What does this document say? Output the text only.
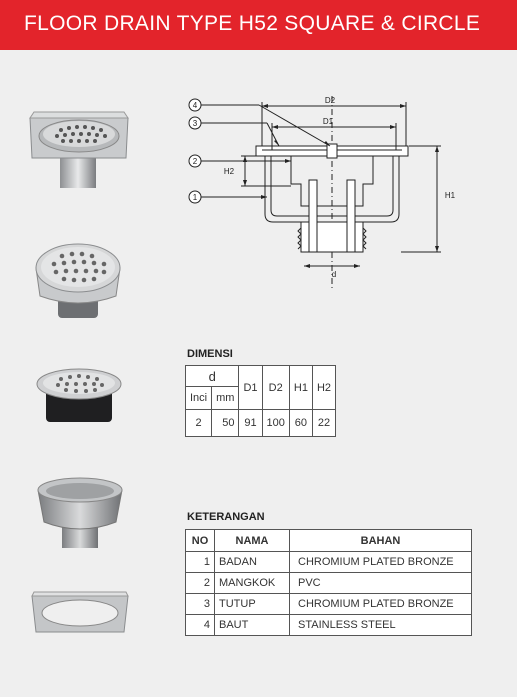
FLOOR DRAIN TYPE H52 SQUARE & CIRCLE
4
3
2
1
D2
D1
H1
H2
d
DIMENSI
d		D1	D2	H1	H2
Inci	mm				
2	50	91	100	60	22
KETERANGAN
NO	NAMA	BAHAN
1	BADAN	CHROMIUM PLATED BRONZE
2	MANGKOK	PVC
3	TUTUP	CHROMIUM PLATED BRONZE
4	BAUT	STAINLESS STEEL
